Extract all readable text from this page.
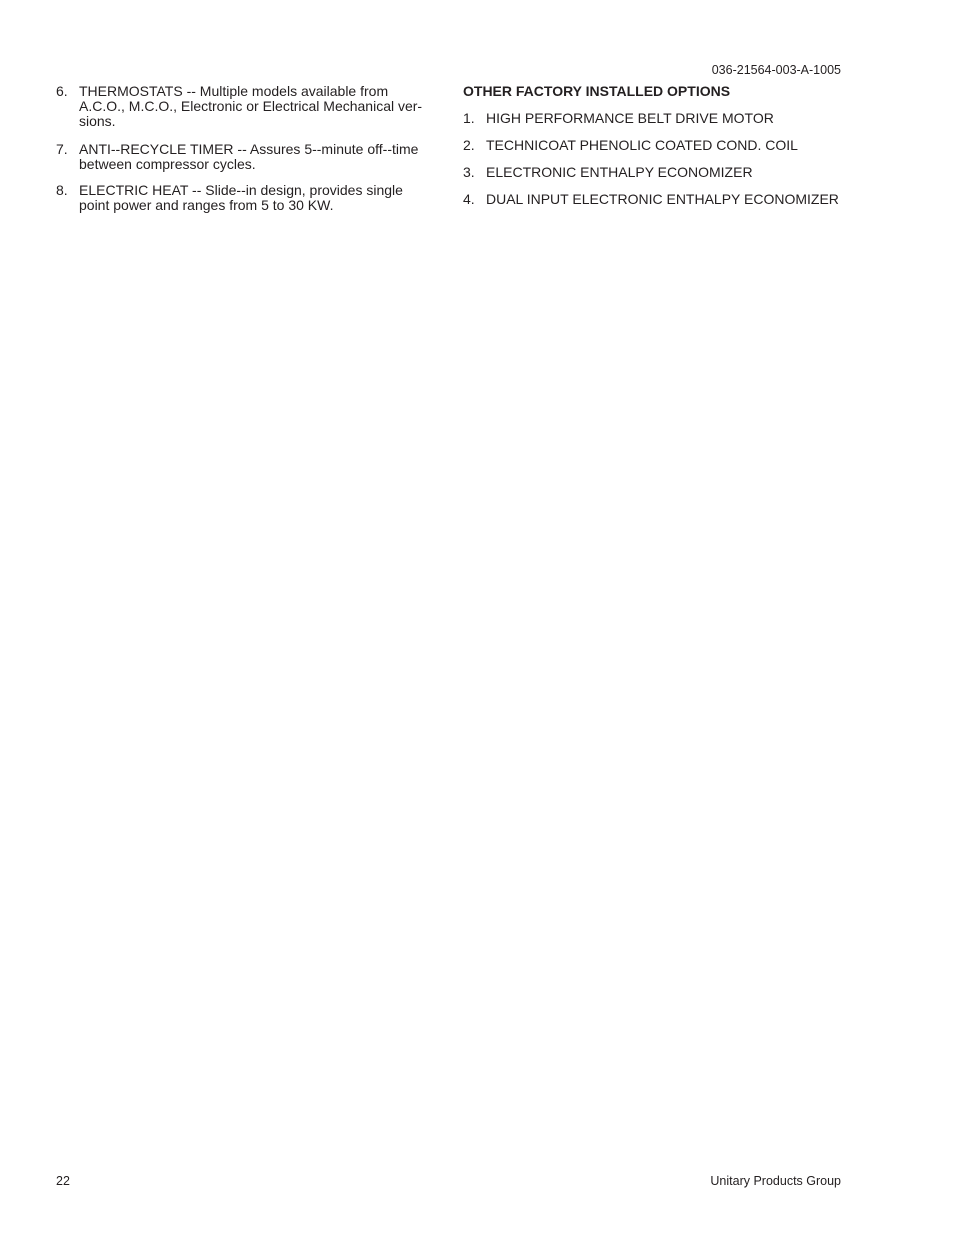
036-21564-003-A-1005
6. THERMOSTATS -- Multiple models available from
A.C.O., M.C.O., Electronic or Electrical Mechanical ver-
sions.
7. ANTI--RECYCLE TIMER -- Assures 5--minute off--time
between compressor cycles.
8. ELECTRIC HEAT -- Slide--in design, provides single
point power and ranges from 5 to 30 KW.
OTHER FACTORY INSTALLED OPTIONS
1. HIGH PERFORMANCE BELT DRIVE MOTOR
2. TECHNICOAT PHENOLIC COATED COND. COIL
3. ELECTRONIC ENTHALPY ECONOMIZER
4. DUAL INPUT ELECTRONIC ENTHALPY ECONOMIZER
22	Unitary Products Group
